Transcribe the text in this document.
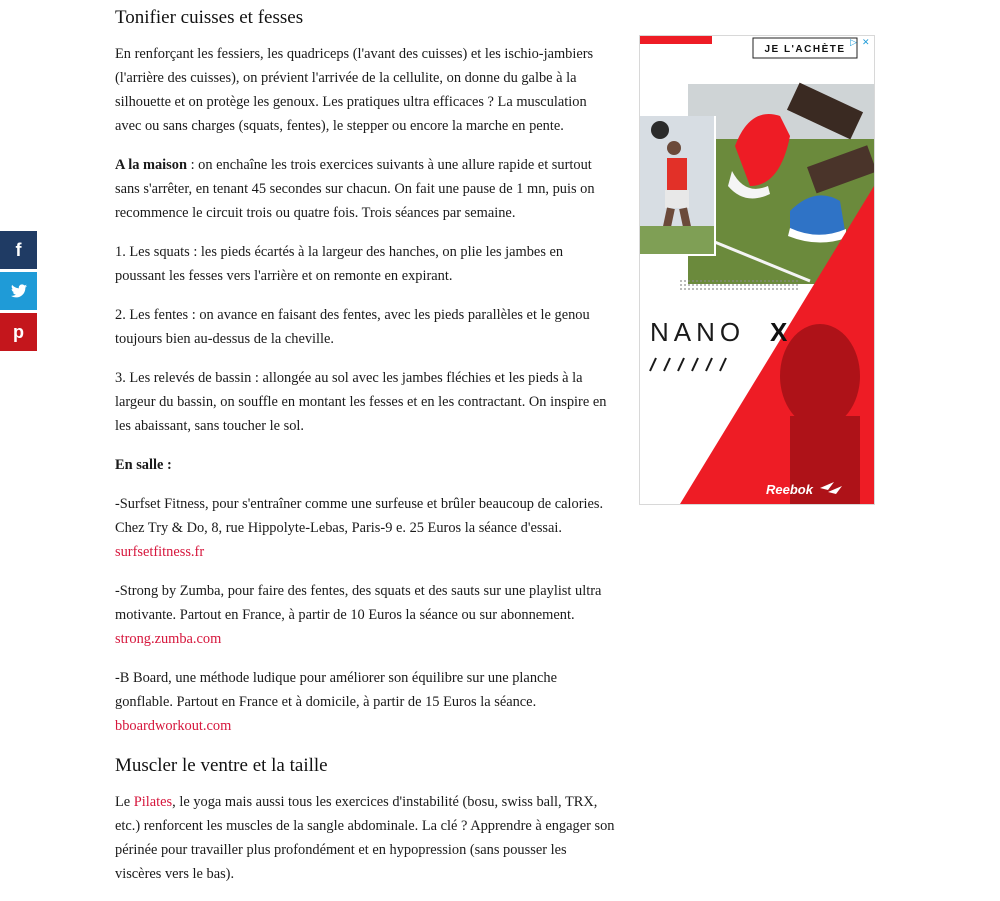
f
p
Tonifier cuisses et fesses

En renforçant les fessiers, les quadriceps (l'avant des cuisses) et les ischio-jambiers (l'arrière des cuisses), on prévient l'arrivée de la cellulite, on donne du galbe à la silhouette et on protège les genoux. Les pratiques ultra efficaces ? La musculation avec ou sans charges (squats, fentes), le stepper ou encore la marche en pente.

A la maison : on enchaîne les trois exercices suivants à une allure rapide et surtout sans s'arrêter, en tenant 45 secondes sur chacun. On fait une pause de 1 mn, puis on recommence le circuit trois ou quatre fois. Trois séances par semaine.

1. Les squats : les pieds écartés à la largeur des hanches, on plie les jambes en poussant les fesses vers l'arrière et on remonte en expirant.

2. Les fentes : on avance en faisant des fentes, avec les pieds parallèles et le genou toujours bien au-dessus de la cheville.

3. Les relevés de bassin : allongée au sol avec les jambes fléchies et les pieds à la largeur du bassin, on souffle en montant les fesses et en les contractant. On inspire en les abaissant, sans toucher le sol.

En salle :

-Surfset Fitness, pour s'entraîner comme une surfeuse et brûler beaucoup de calories. Chez Try & Do, 8, rue Hippolyte-Lebas, Paris-9 e. 25 Euros la séance d'essai.
surfsetfitness.fr

-Strong by Zumba, pour faire des fentes, des squats et des sauts sur une playlist ultra motivante. Partout en France, à partir de 10 Euros la séance ou sur abonnement.
strong.zumba.com

-B Board, une méthode ludique pour améliorer son équilibre sur une planche gonflable. Partout en France et à domicile, à partir de 15 Euros la séance. bboardworkout.com

Muscler le ventre et la taille

Le Pilates, le yoga mais aussi tous les exercices d'instabilité (bosu, swiss ball, TRX, etc.) renforcent les muscles de la sangle abdominale. La clé ? Apprendre à engager son périnée pour travailler plus profondément et en hypopression (sans pousser les viscères vers le bas).

NANO X
Reebok
JE L'ACHÈTE
▷ ✕
